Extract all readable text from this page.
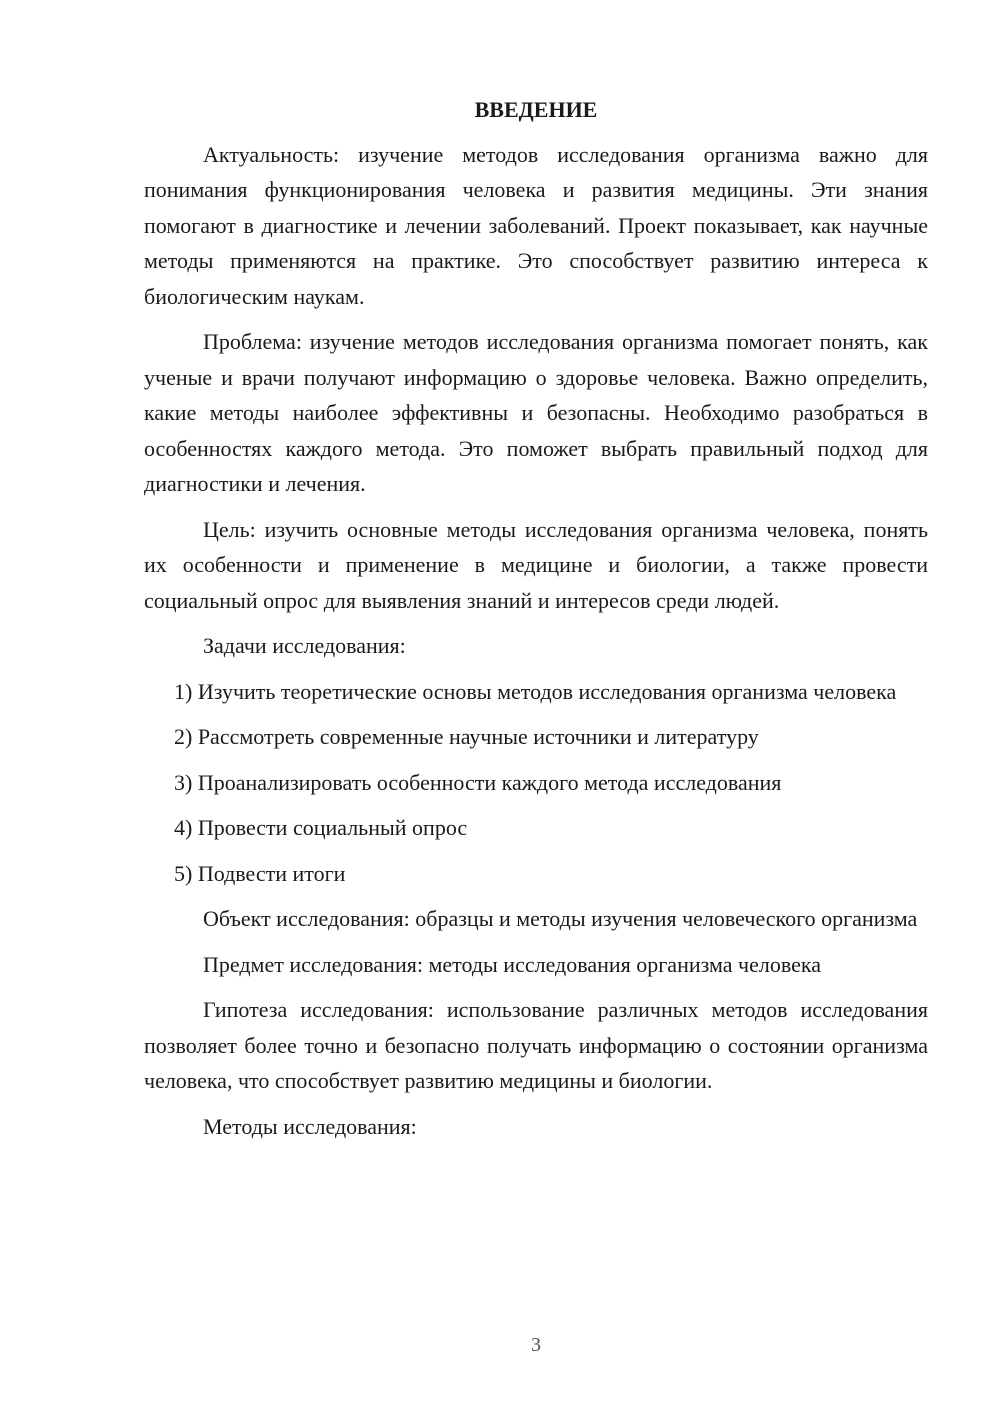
ВВЕДЕНИЕ

Актуальность: изучение методов исследования организма важно для понимания функционирования человека и развития медицины. Эти знания помогают в диагностике и лечении заболеваний. Проект показывает, как научные методы применяются на практике. Это способствует развитию интереса к биологическим наукам.

Проблема: изучение методов исследования организма помогает понять, как ученые и врачи получают информацию о здоровье человека. Важно определить, какие методы наиболее эффективны и безопасны. Необходимо разобраться в особенностях каждого метода. Это поможет выбрать правильный подход для диагностики и лечения.

Цель: изучить основные методы исследования организма человека, понять их особенности и применение в медицине и биологии, а также провести социальный опрос для выявления знаний и интересов среди людей.

Задачи исследования:

1) Изучить теоретические основы методов исследования организма человека

2) Рассмотреть современные научные источники и литературу

3) Проанализировать особенности каждого метода исследования

4) Провести социальный опрос

5) Подвести итоги

Объект исследования: образцы и методы изучения человеческого организма

Предмет исследования: методы исследования организма человека

Гипотеза исследования: использование различных методов исследования позволяет более точно и безопасно получать информацию о состоянии организма человека, что способствует развитию медицины и биологии.

Методы исследования:

3
